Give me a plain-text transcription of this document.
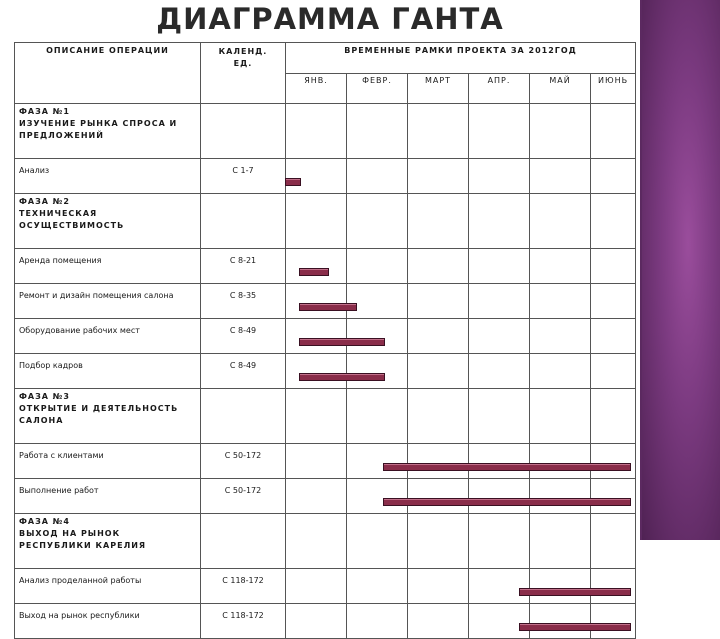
ДИАГРАММА ГАНТА
ОПИСАНИЕ ОПЕРАЦИИ	КАЛЕНД. ЕД.	ВРЕМЕННЫЕ РАМКИ ПРОЕКТА ЗА 2012ГОД					
		ЯНВ.	ФЕВР.	МАРТ	АПР.	МАЙ	ИЮНЬ
ФАЗА №1
ИЗУЧЕНИЕ РЫНКА СПРОСА И
ПРЕДЛОЖЕНИЙ							
Анализ	С 1-7						
ФАЗА №2
ТЕХНИЧЕСКАЯ
ОСУЩЕСТВИМОСТЬ							
Аренда помещения	С 8-21						
Ремонт и дизайн помещения салона	С 8-35						
Оборудование рабочих мест	С 8-49						
Подбор кадров	С 8-49						
ФАЗА №3
ОТКРЫТИЕ И ДЕЯТЕЛЬНОСТЬ
САЛОНА							
Работа с клиентами	С 50-172						
Выполнение работ	С 50-172						
ФАЗА №4
ВЫХОД НА РЫНОК
РЕСПУБЛИКИ КАРЕЛИЯ							
Анализ проделанной работы	С 118-172						
Выход на рынок республики	С 118-172						
